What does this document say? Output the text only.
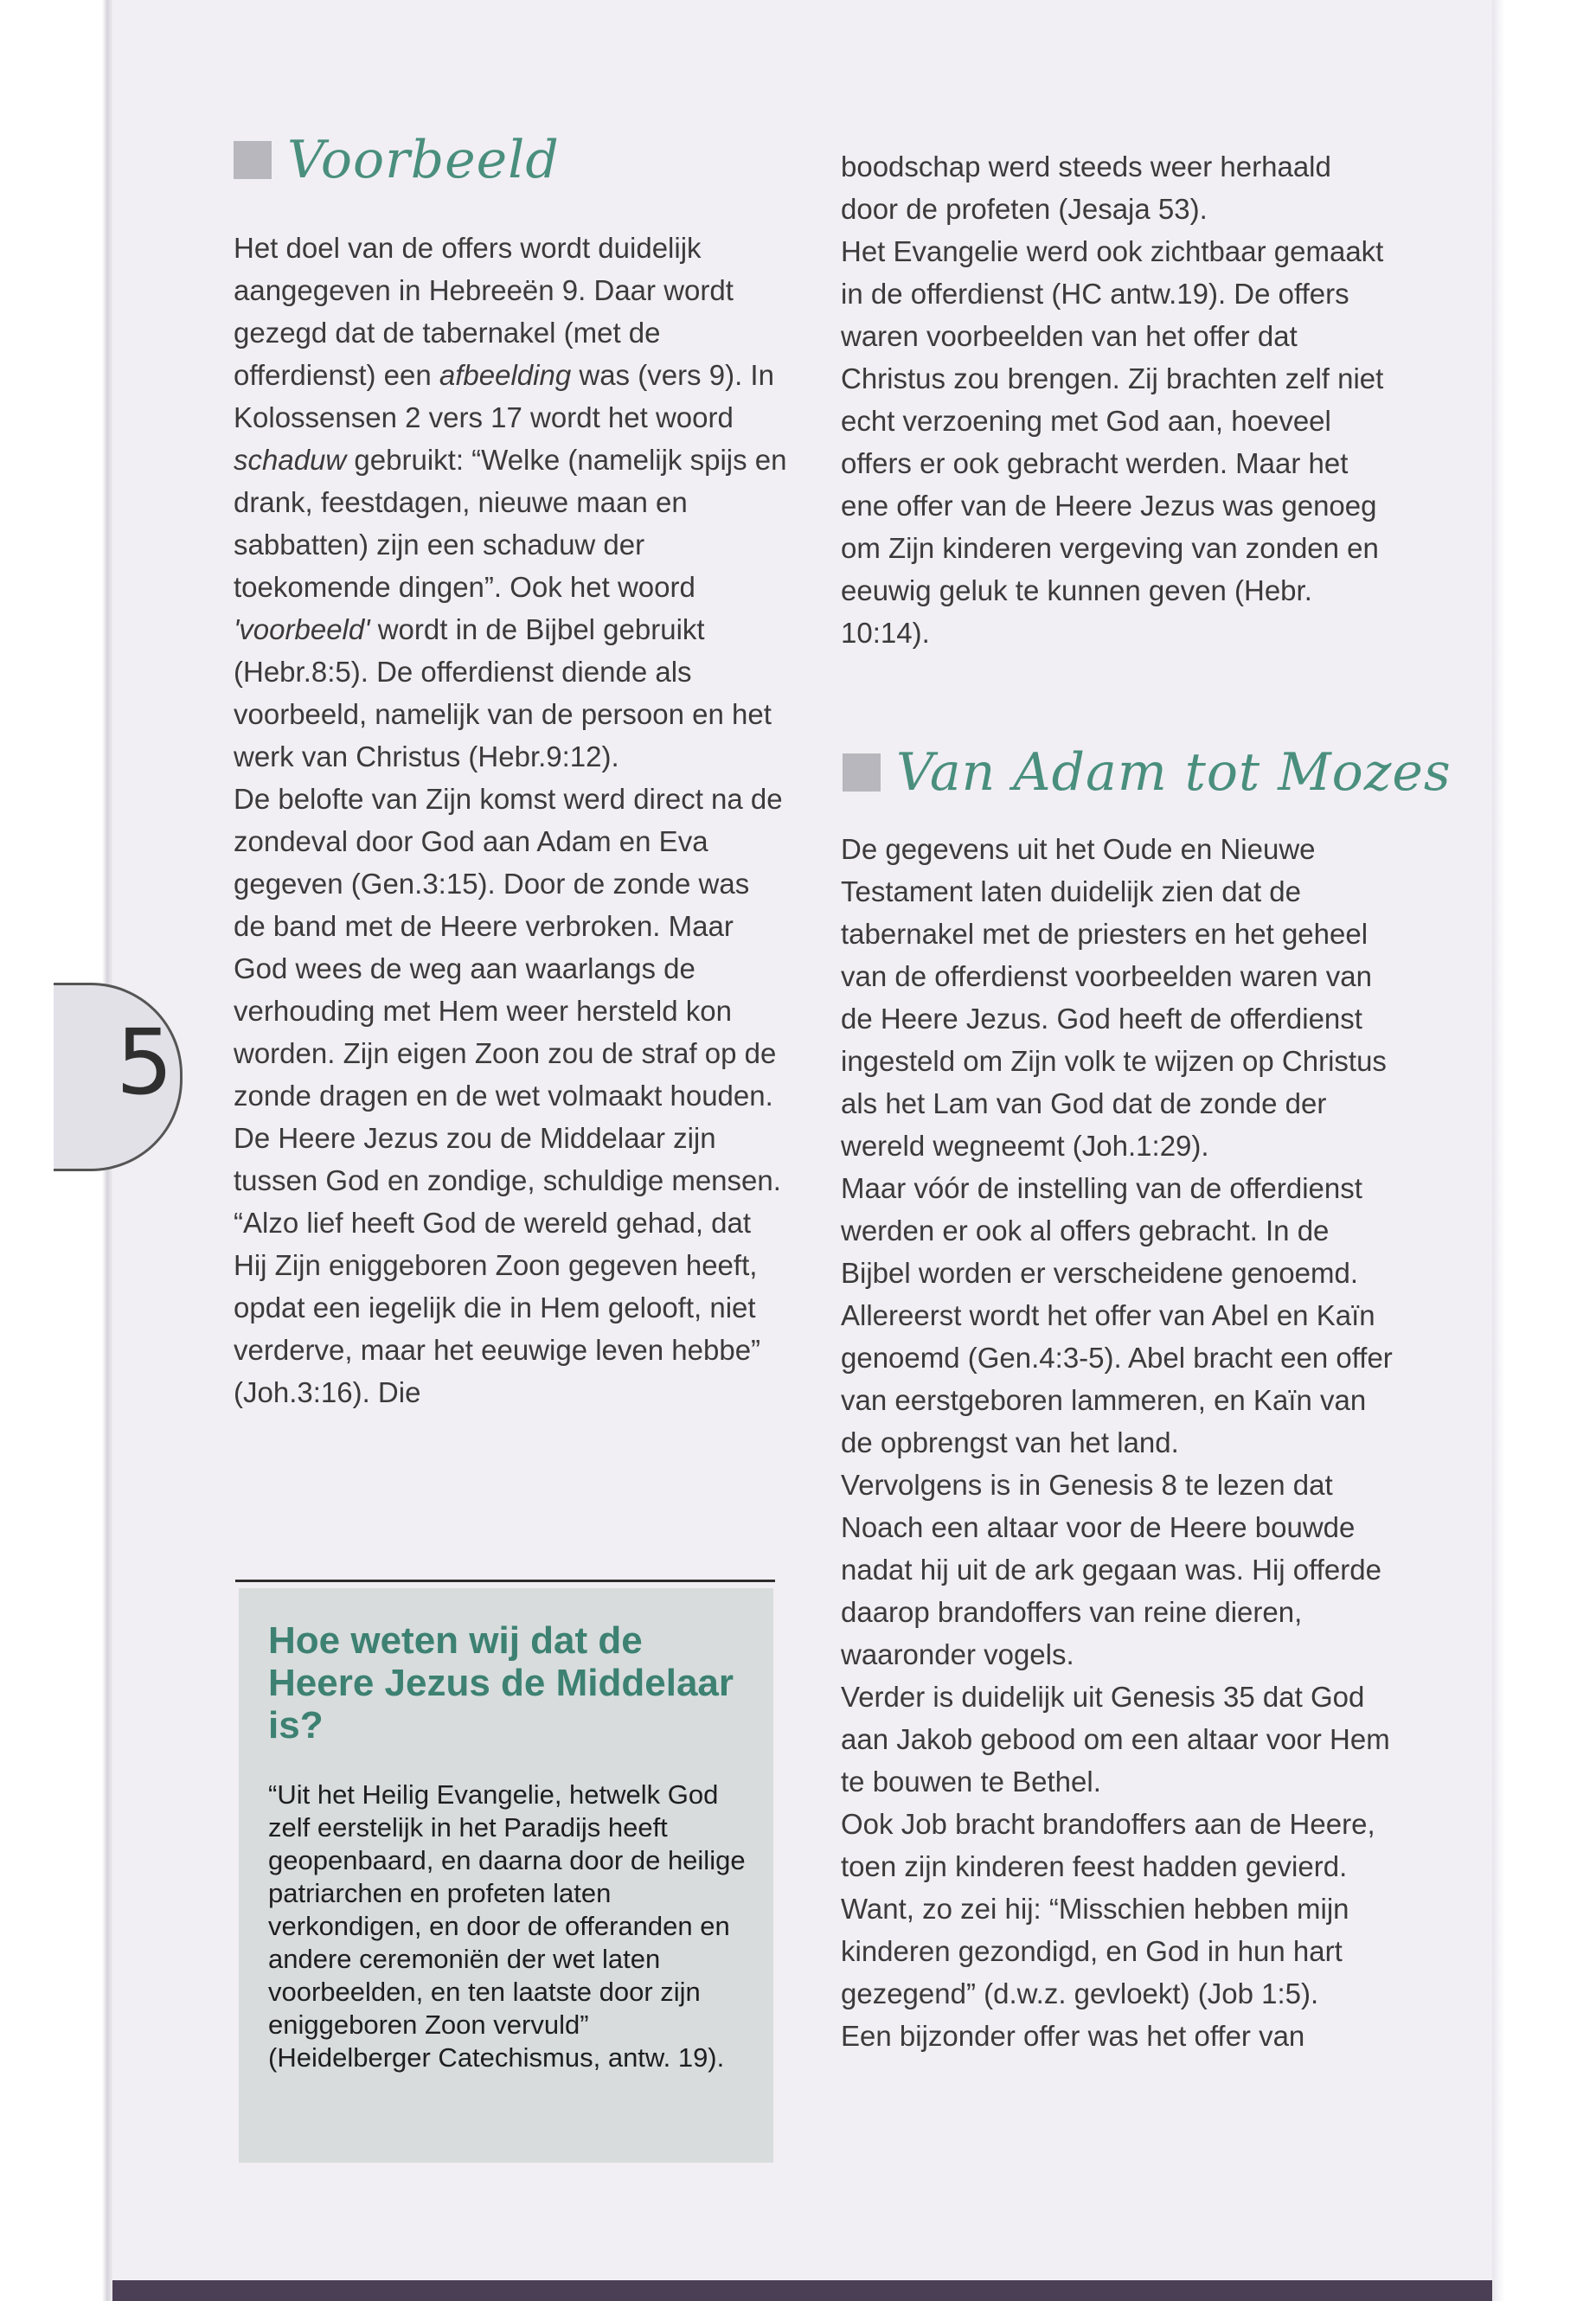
5
Voorbeeld

Het doel van de offers wordt duidelijk aangegeven in Hebreeën 9. Daar wordt gezegd dat de tabernakel (met de offerdienst) een afbeelding was (vers 9). In Kolossensen 2 vers 17 wordt het woord schaduw gebruikt: “Welke (namelijk spijs en drank, feestdagen, nieuwe maan en sabbatten) zijn een schaduw der toekomende dingen”. Ook het woord 'voorbeeld' wordt in de Bijbel gebruikt (Hebr.8:5). De offerdienst diende als voorbeeld, namelijk van de persoon en het werk van Christus (Hebr.9:12).
De belofte van Zijn komst werd direct na de zondeval door God aan Adam en Eva gegeven (Gen.3:15). Door de zonde was de band met de Heere verbroken. Maar God wees de weg aan waarlangs de verhouding met Hem weer hersteld kon worden. Zijn eigen Zoon zou de straf op de zonde dragen en de wet volmaakt houden. De Heere Jezus zou de Middelaar zijn tussen God en zondige, schuldige mensen.
“Alzo lief heeft God de wereld gehad, dat Hij Zijn eniggeboren Zoon gegeven heeft, opdat een iegelijk die in Hem gelooft, niet verderve, maar het eeuwige leven hebbe” (Joh.3:16). Die

Hoe weten wij dat de Heere Jezus de Middelaar is?

“Uit het Heilig Evangelie, hetwelk God zelf eerstelijk in het Paradijs heeft geopenbaard, en daarna door de heilige patriarchen en profeten laten verkondigen, en door de offeranden en andere ceremoniën der wet laten voorbeelden, en ten laatste door zijn eniggeboren Zoon vervuld” (Heidelberger Catechismus, antw. 19).

boodschap werd steeds weer herhaald door de profeten (Jesaja 53).
Het Evangelie werd ook zichtbaar gemaakt in de offerdienst (HC antw.19). De offers waren voorbeelden van het offer dat Christus zou brengen. Zij brachten zelf niet echt verzoening met God aan, hoeveel offers er ook gebracht werden. Maar het ene offer van de Heere Jezus was genoeg om Zijn kinderen vergeving van zonden en eeuwig geluk te kunnen geven (Hebr. 10:14).

Van Adam tot Mozes

De gegevens uit het Oude en Nieuwe Testament laten duidelijk zien dat de tabernakel met de priesters en het geheel van de offerdienst voorbeelden waren van de Heere Jezus. God heeft de offerdienst ingesteld om Zijn volk te wijzen op Christus als het Lam van God dat de zonde der wereld wegneemt (Joh.1:29).
Maar vóór de instelling van de offerdienst werden er ook al offers gebracht. In de Bijbel worden er verscheidene genoemd. Allereerst wordt het offer van Abel en Kaïn genoemd (Gen.4:3-5). Abel bracht een offer van eerstgeboren lammeren, en Kaïn van de opbrengst van het land.
Vervolgens is in Genesis 8 te lezen dat Noach een altaar voor de Heere bouwde nadat hij uit de ark gegaan was. Hij offerde daarop brandoffers van reine dieren, waaronder vogels.
Verder is duidelijk uit Genesis 35 dat God aan Jakob gebood om een altaar voor Hem te bouwen te Bethel.
Ook Job bracht brandoffers aan de Heere, toen zijn kinderen feest hadden gevierd. Want, zo zei hij: “Misschien hebben mijn kinderen gezondigd, en God in hun hart gezegend” (d.w.z. gevloekt) (Job 1:5).
Een bijzonder offer was het offer van
